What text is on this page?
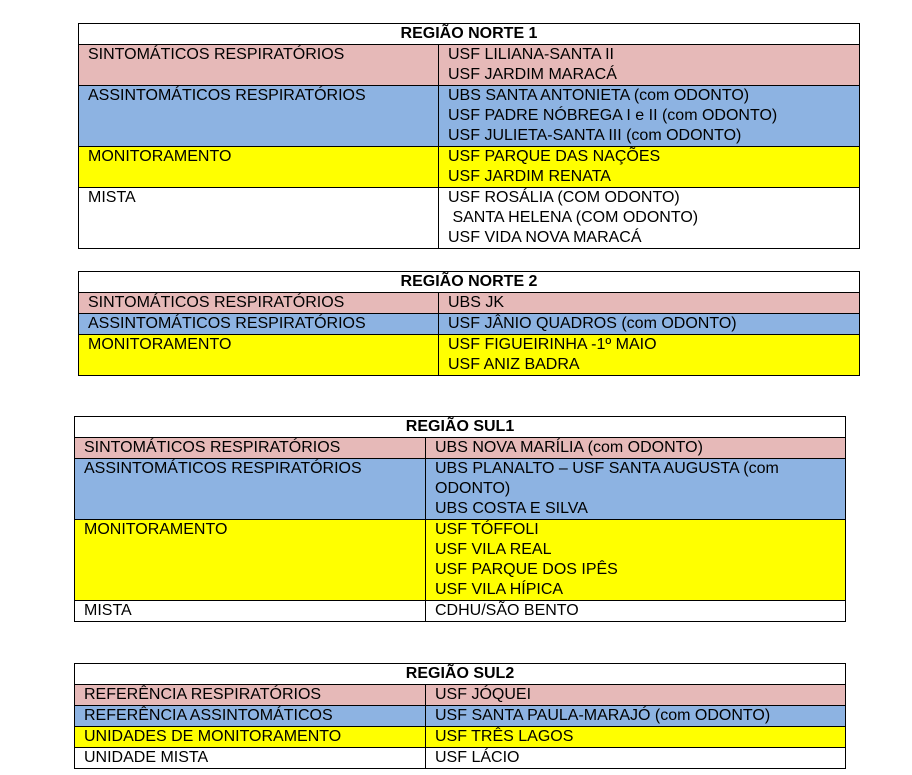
REGIÃO NORTE 1	
SINTOMÁTICOS RESPIRATÓRIOS	USF LILIANA-SANTA II
USF JARDIM MARACÁ

ASSINTOMÁTICOS RESPIRATÓRIOS	UBS SANTA ANTONIETA (com ODONTO)
USF PADRE NÓBREGA I e II (com ODONTO)
USF JULIETA-SANTA III (com ODONTO)

MONITORAMENTO	USF PARQUE DAS NAÇÕES
USF JARDIM RENATA

MISTA	USF ROSÁLIA (COM ODONTO)
SANTA HELENA (COM ODONTO)
USF VIDA NOVA MARACÁ
REGIÃO NORTE 2	
SINTOMÁTICOS RESPIRATÓRIOS	UBS JK

ASSINTOMÁTICOS RESPIRATÓRIOS	USF JÂNIO QUADROS (com ODONTO)

MONITORAMENTO	USF FIGUEIRINHA -1º MAIO
USF ANIZ BADRA
REGIÃO SUL1	
SINTOMÁTICOS RESPIRATÓRIOS	UBS NOVA MARÍLIA (com ODONTO)

ASSINTOMÁTICOS RESPIRATÓRIOS	UBS PLANALTO – USF SANTA AUGUSTA (com ODONTO)
UBS COSTA E SILVA

MONITORAMENTO	USF TÓFFOLI
USF VILA REAL
USF PARQUE DOS IPÊS
USF VILA HÍPICA

MISTA	CDHU/SÃO BENTO
REGIÃO SUL2	
REFERÊNCIA RESPIRATÓRIOS	USF JÓQUEI

REFERÊNCIA ASSINTOMÁTICOS	USF SANTA PAULA-MARAJÓ (com ODONTO)

UNIDADES DE MONITORAMENTO	USF TRÊS LAGOS

UNIDADE MISTA	USF LÁCIO
